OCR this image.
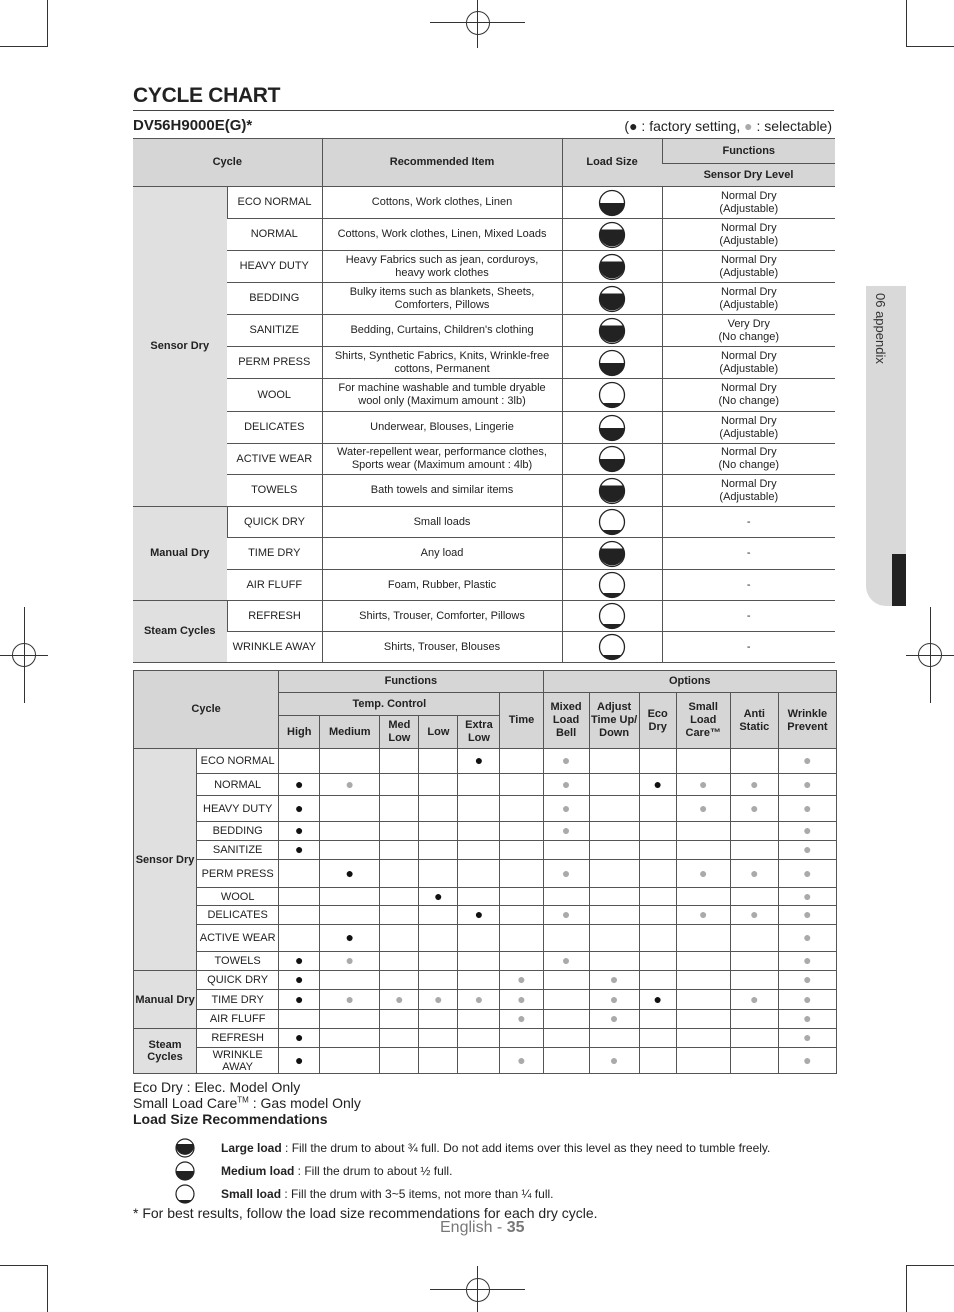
CYCLE CHART
DV56H9000E(G)*	(● : factory setting, ● : selectable)
06 appendix
Cycle		Recommended Item	Load Size	Functions
				Sensor Dry Level
Sensor Dry	ECO NORMAL	Cottons, Work clothes, Linen		Normal Dry
(Adjustable)

	NORMAL	Cottons, Work clothes, Linen, Mixed Loads		Normal Dry
(Adjustable)

	HEAVY DUTY	Heavy Fabrics such as jean, corduroys, heavy work clothes		Normal Dry
(Adjustable)

	BEDDING	Bulky items such as blankets, Sheets, Comforters, Pillows		Normal Dry
(Adjustable)

	SANITIZE	Bedding, Curtains, Children's clothing		Very Dry
(No change)

	PERM PRESS	Shirts, Synthetic Fabrics, Knits, Wrinkle-free cottons, Permanent		Normal Dry
(Adjustable)

	WOOL	For machine washable and tumble dryable wool only (Maximum amount : 3lb)		Normal Dry
(No change)

	DELICATES	Underwear, Blouses, Lingerie		Normal Dry
(Adjustable)

	ACTIVE WEAR	Water-repellent wear, performance clothes, Sports wear (Maximum amount : 4lb)		Normal Dry
(No change)

	TOWELS	Bath towels and similar items		Normal Dry
(Adjustable)

Manual Dry	QUICK DRY	Small loads		-

	TIME DRY	Any load		-

	AIR FLUFF	Foam, Rubber, Plastic		-

Steam Cycles	REFRESH	Shirts, Trouser, Comforter, Pillows		-

	WRINKLE AWAY	Shirts, Trouser, Blouses		-
Cycle		Functions						Options					
		Temp. Control					Time	Mixed Load Bell	Adjust Time Up/ Down	Eco Dry	Small Load Care™	Anti Static	Wrinkle Prevent
		High	Medium	Med Low	Low	Extra Low							
Sensor Dry	ECO NORMAL					●		●					●
	NORMAL	●	●					●		●	●	●	●
	HEAVY DUTY	●						●			●	●	●
	BEDDING	●						●					●
	SANITIZE	●											●
	PERM PRESS		●					●			●	●	●
	WOOL				●								●
	DELICATES					●		●			●	●	●
	ACTIVE WEAR		●										●
	TOWELS	●	●					●					●
Manual Dry	QUICK DRY	●					●		●				●
	TIME DRY	●	●	●	●	●	●		●	●		●	●
	AIR FLUFF						●		●				●
Steam Cycles	REFRESH	●											●
	WRINKLE AWAY	●					●		●				●
Eco Dry : Elec. Model Only
Small Load Care™ : Gas model Only
Load Size Recommendations
Large load : Fill the drum to about ¾ full. Do not add items over this level as they need to tumble freely.
Medium load : Fill the drum to about ½ full.
Small load : Fill the drum with 3~5 items, not more than ¼ full.
* For best results, follow the load size recommendations for each dry cycle.
English - 35
